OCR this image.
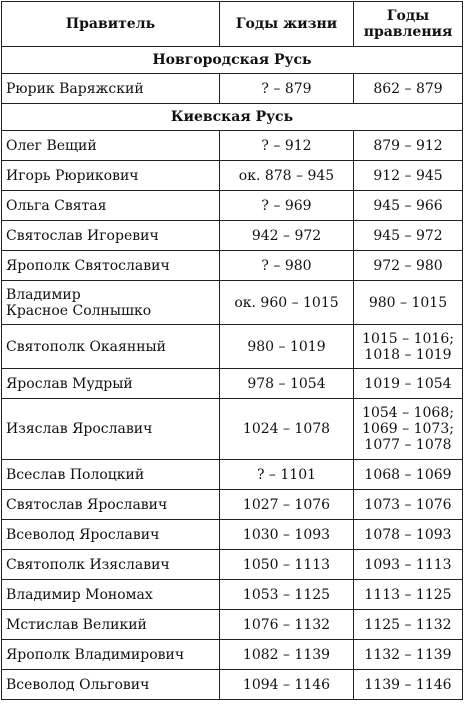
Правитель	Годы жизни	Годы
правления

Новгородская Русь		

Рюрик Варяжский	? – 879	862 – 879

Киевская Русь		

Олег Вещий	? – 912	879 – 912

Игорь Рюрикович	ок. 878 – 945	912 – 945

Ольга Святая	? – 969	945 – 966

Святослав Игоревич	942 – 972	945 – 972

Ярополк Святославич	? – 980	972 – 980

Владимир
Красное Солнышко	ок. 960 – 1015	980 – 1015

Святополк Окаянный	980 – 1019	1015 – 1016;
1018 – 1019

Ярослав Мудрый	978 – 1054	1019 – 1054

Изяслав Ярославич	1024 – 1078	1054 – 1068;
1069 – 1073;
1077 – 1078

Всеслав Полоцкий	? – 1101	1068 – 1069

Святослав Ярославич	1027 – 1076	1073 – 1076

Всеволод Ярославич	1030 – 1093	1078 – 1093

Святополк Изяславич	1050 – 1113	1093 – 1113

Владимир Мономах	1053 – 1125	1113 – 1125

Мстислав Великий	1076 – 1132	1125 – 1132

Ярополк Владимирович	1082 – 1139	1132 – 1139

Всеволод Ольгович	1094 – 1146	1139 – 1146
